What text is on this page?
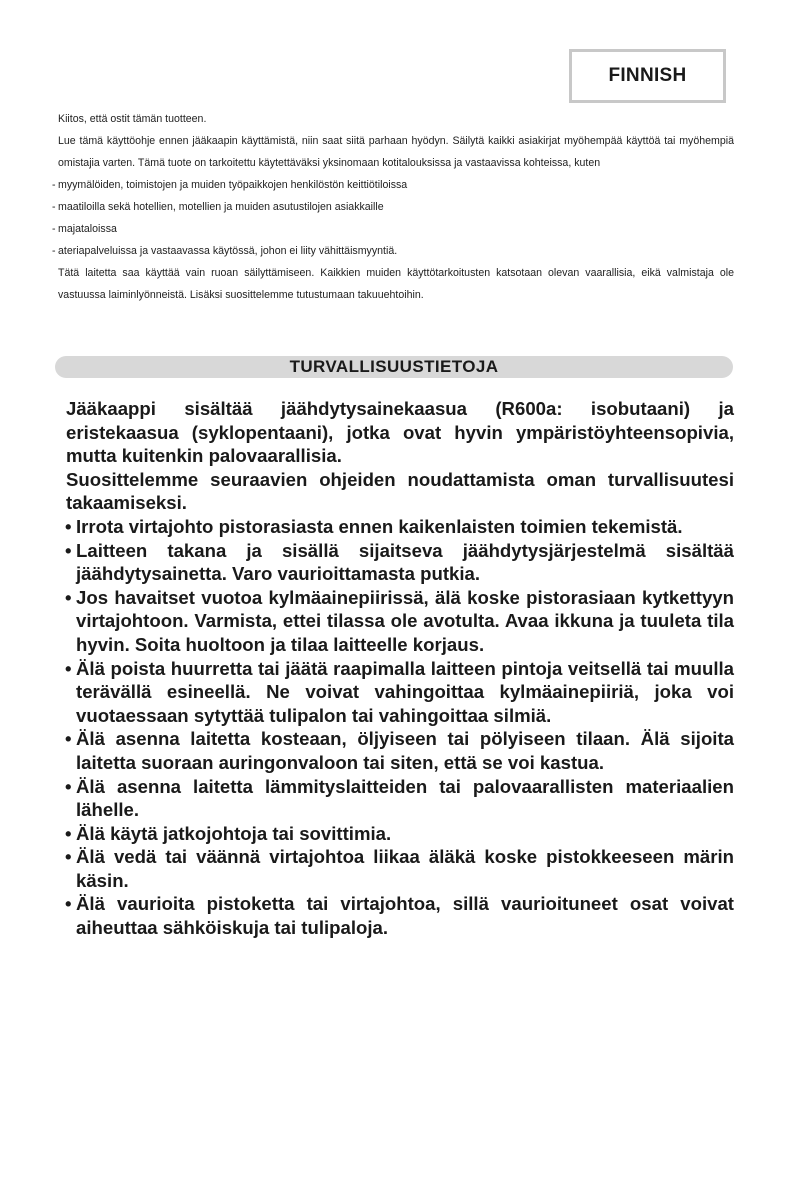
FINNISH

Kiitos, että ostit tämän tuotteen.

Lue tämä käyttöohje ennen jääkaapin käyttämistä, niin saat siitä parhaan hyödyn. Säilytä kaikki asiakirjat myöhempää käyttöä tai myöhempiä omistajia varten. Tämä tuote on tarkoitettu käytettäväksi yksinomaan kotitalouksissa ja vastaavissa kohteissa, kuten

- myymälöiden, toimistojen ja muiden työpaikkojen henkilöstön keittiötiloissa

- maatiloilla sekä hotellien, motellien ja muiden asutustilojen asiakkaille

- majataloissa

- ateriapalveluissa ja vastaavassa käytössä, johon ei liity vähittäismyyntiä.

Tätä laitetta saa käyttää vain ruoan säilyttämiseen. Kaikkien muiden käyttötarkoitusten katsotaan olevan vaarallisia, eikä valmistaja ole vastuussa laiminlyönneistä. Lisäksi suosittelemme tutustumaan takuuehtoihin.

TURVALLISUUSTIETOJA

Jääkaappi sisältää jäähdytysainekaasua (R600a: isobutaani) ja eristekaasua (syklopentaani), jotka ovat hyvin ympäristöyhteensopivia, mutta kuitenkin palovaarallisia.

Suosittelemme seuraavien ohjeiden noudattamista oman turvallisuutesi takaamiseksi.

• Irrota virtajohto pistorasiasta ennen kaikenlaisten toimien tekemistä.
• Laitteen takana ja sisällä sijaitseva jäähdytysjärjestelmä sisältää jäähdytysainetta. Varo vaurioittamasta putkia.
• Jos havaitset vuotoa kylmäainepiirissä, älä koske pistorasiaan kytkettyyn virtajohtoon. Varmista, ettei tilassa ole avotulta. Avaa ikkuna ja tuuleta tila hyvin. Soita huoltoon ja tilaa laitteelle korjaus.
• Älä poista huurretta tai jäätä raapimalla laitteen pintoja veitsellä tai muulla terävällä esineellä. Ne voivat vahingoittaa kylmäainepiiriä, joka voi vuotaessaan sytyttää tulipalon tai vahingoittaa silmiä.
• Älä asenna laitetta kosteaan, öljyiseen tai pölyiseen tilaan. Älä sijoita laitetta suoraan auringonvaloon tai siten, että se voi kastua.
• Älä asenna laitetta lämmityslaitteiden tai palovaarallisten materiaalien lähelle.
• Älä käytä jatkojohtoja tai sovittimia.
• Älä vedä tai väännä virtajohtoa liikaa äläkä koske pistokkeeseen märin käsin.
• Älä vaurioita pistoketta tai virtajohtoa, sillä vaurioituneet osat voivat aiheuttaa sähköiskuja tai tulipaloja.
